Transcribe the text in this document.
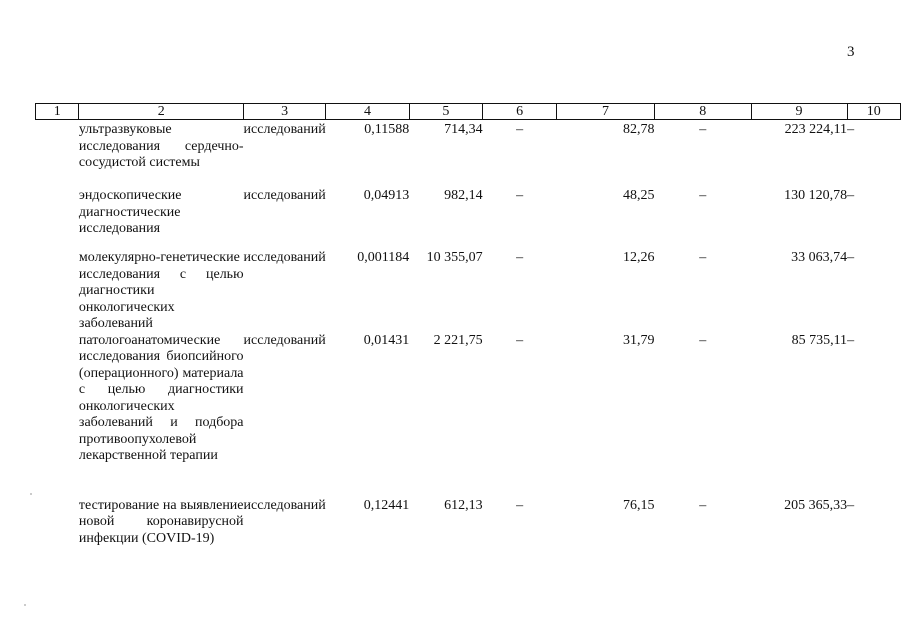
3
1	2	3	4	5	6	7	8	9	10
	ультразвуковые исследования сердечно-сосудистой системы	исследований	0,11588	714,34	–	82,78	–	223 224,11	–
	эндоскопические диагностические исследования	исследований	0,04913	982,14	–	48,25	–	130 120,78	–
	молекулярно-генетические исследования с целью диагностики онкологических заболеваний	исследований	0,001184	10 355,07	–	12,26	–	33 063,74	–
	патологоанатомические исследования биопсийного (операционного) материала с целью диагностики онкологических заболеваний и подбора противоопухолевой лекарственной терапии	исследований	0,01431	2 221,75	–	31,79	–	85 735,11	–
	тестирование на выявление новой коронавирусной инфекции (COVID-19)	исследований	0,12441	612,13	–	76,15	–	205 365,33	–
